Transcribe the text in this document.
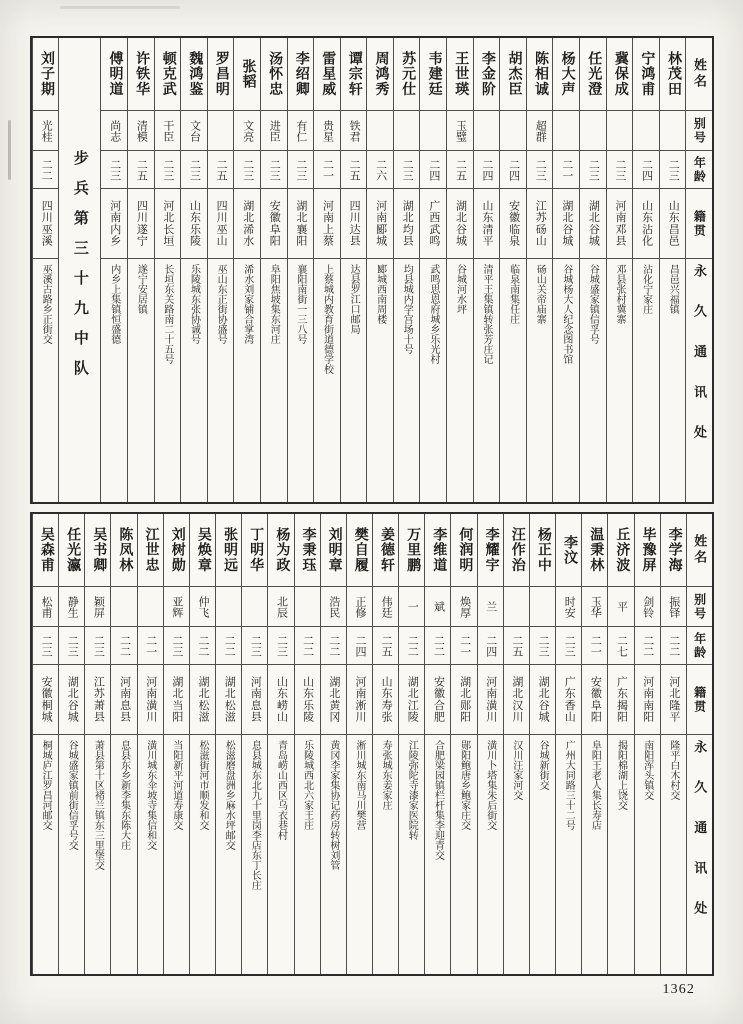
姓名
别号
年龄
籍贯
永久通讯处
林茂田
二三
山东昌邑
昌邑兴福镇
宁鸿甫
二四
山东沾化
沾化宁家庄
冀保成
二三
河南邓县
邓县张村冀寨
任光澄
二三
湖北谷城
谷城盛家镇信孚号
杨大声
二一
湖北谷城
谷城杨大人纪念图书馆
陈相诚
超群
二三
江苏砀山
砀山关帝庙寨
胡杰臣
二四
安徽临泉
临泉南集任庄
李金阶
二四
山东清平
清平王集镇转张芳庄记
王世瑛
玉璧
二五
湖北谷城
谷城河水坪
韦建廷
二四
广西武鸣
武鸣思恩府城乡乐光村
苏元仕
二三
湖北均县
均县城内学宫场十号
周鸿秀
二六
河南郾城
郾城西南周楼
谭宗轩
铁君
二五
四川达县
达县罗江口邮局
雷星威
贵星
二一
河南上蔡
上蔡城内教育街道德学校
李绍卿
有仁
二三
湖北襄阳
襄阳南街一三八号
汤怀忠
进臣
二三
安徽阜阳
阜阳焦坡集东河庄
张韬
文亮
二三
湖北浠水
浠水刘家铺合掌湾
罗昌明
二五
四川巫山
巫山东正街协盛号
魏鸿鉴
文台
二三
山东乐陵
乐陵城东张协诚号
顿克武
干臣
二三
河北长垣
长垣东关路南二十五号
许铁华
清模
二五
四川遂宁
遂宁安居镇
傅明道
尚志
二三
河南内乡
内乡上集镇恒盛德
步兵第三十九中队
刘子期
光桂
二二
四川巫溪
巫溪古路乡正街交
姓名
别号
年龄
籍贯
永久通讯处
李学海
振铎
二二
河北隆平
隆平白木村交
毕豫屏
剑铃
二二
河南南阳
南阳浑头镇交
丘济波
平
二七
广东揭阳
揭阳棉湖上饶交
温秉林
玉华
二一
安徽阜阳
阜阳王老人集长寿店
李汶
时安
二三
广东香山
广州大同路三十二号
杨正中
二三
湖北谷城
谷城新街交
汪作治
二五
湖北汉川
汉川汪家河交
李耀宇
兰
二四
河南潢川
潢川卜塔集朱后街交
何润明
焕厚
二一
湖北郧阳
郧阳鲍唐乡鲍家庄交
李维道
斌
二二
安徽合肥
合肥梁园镇栏杆集李迎青交
万里鹏
一
二二
湖北江陵
江陵弥陀寺漆家医院转
姜德轩
伟廷
二五
山东寿张
寿张城东姜家庄
樊自履
正修
二四
河南淅川
淅川城东南马川樊营
刘明章
浩民
二二
湖北黄冈
黄冈李家集协记药房转树刘管
李秉珏
二二
山东乐陵
乐陵城西北六家王庄
杨为政
北辰
二三
山东崂山
青岛崂山西区乌衣巷村
丁明华
二三
河南息县
息县城东北九十里岗李店东丁长庄
张明远
二二
湖北松滋
松滋磨盘洲乡麻水坪邮交
吴焕章
仲飞
二二
湖北松滋
松滋街河市顺发和交
刘树勋
亚辉
二三
湖北当阳
当阳新平河道寿康交
江世忠
二一
河南潢川
潢川城东伞坡寺集信和交
陈凤林
二二
河南息县
息县东乡新李集东陈大庄
吴书卿
颖屏
二三
江苏萧县
萧县第十区褚兰镇东三里堡交
任光瀛
静生
二三
湖北谷城
谷城盛家镇前街信孚号交
吴森甫
松甫
二三
安徽桐城
桐城庐江罗昌河邮交
1362
